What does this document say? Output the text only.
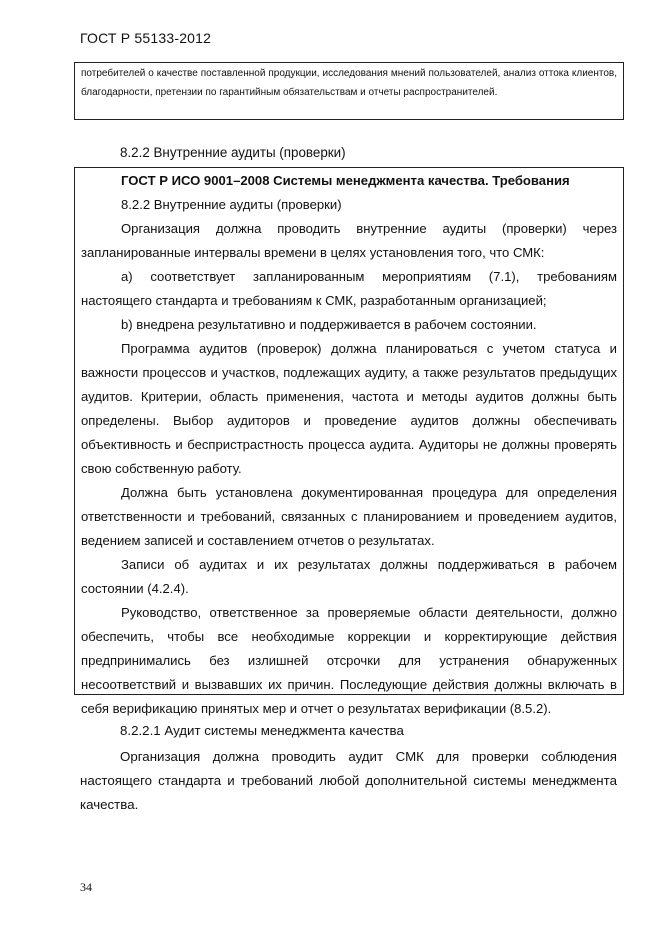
ГОСТ Р 55133-2012

потребителей о качестве поставленной продукции, исследования мнений пользователей, анализ оттока клиентов, благодарности, претензии по гарантийным обязательствам и отчеты распространителей.

8.2.2 Внутренние аудиты (проверки)

ГОСТ Р ИСО 9001–2008 Системы менеджмента качества. Требования

8.2.2 Внутренние аудиты (проверки)

Организация должна проводить внутренние аудиты (проверки) через запланированные интервалы времени в целях установления того, что СМК:

a) соответствует запланированным мероприятиям (7.1), требованиям настоящего стандарта и требованиям к СМК, разработанным организацией;

b) внедрена результативно и поддерживается в рабочем состоянии.

Программа аудитов (проверок) должна планироваться с учетом статуса и важности процессов и участков, подлежащих аудиту, а также результатов предыдущих аудитов. Критерии, область применения, частота и методы аудитов должны быть определены. Выбор аудиторов и проведение аудитов должны обеспечивать объективность и беспристрастность процесса аудита. Аудиторы не должны проверять свою собственную работу.

Должна быть установлена документированная процедура для определения ответственности и требований, связанных с планированием и проведением аудитов, ведением записей и составлением отчетов о результатах.

Записи об аудитах и их результатах должны поддерживаться в рабочем состоянии (4.2.4).

Руководство, ответственное за проверяемые области деятельности, должно обеспечить, чтобы все необходимые коррекции и корректирующие действия предпринимались без излишней отсрочки для устранения обнаруженных несоответствий и вызвавших их причин. Последующие действия должны включать в себя верификацию принятых мер и отчет о результатах верификации (8.5.2).

8.2.2.1 Аудит системы менеджмента качества

Организация должна проводить аудит СМК для проверки соблюдения настоящего стандарта и требований любой дополнительной системы менеджмента качества.

34
